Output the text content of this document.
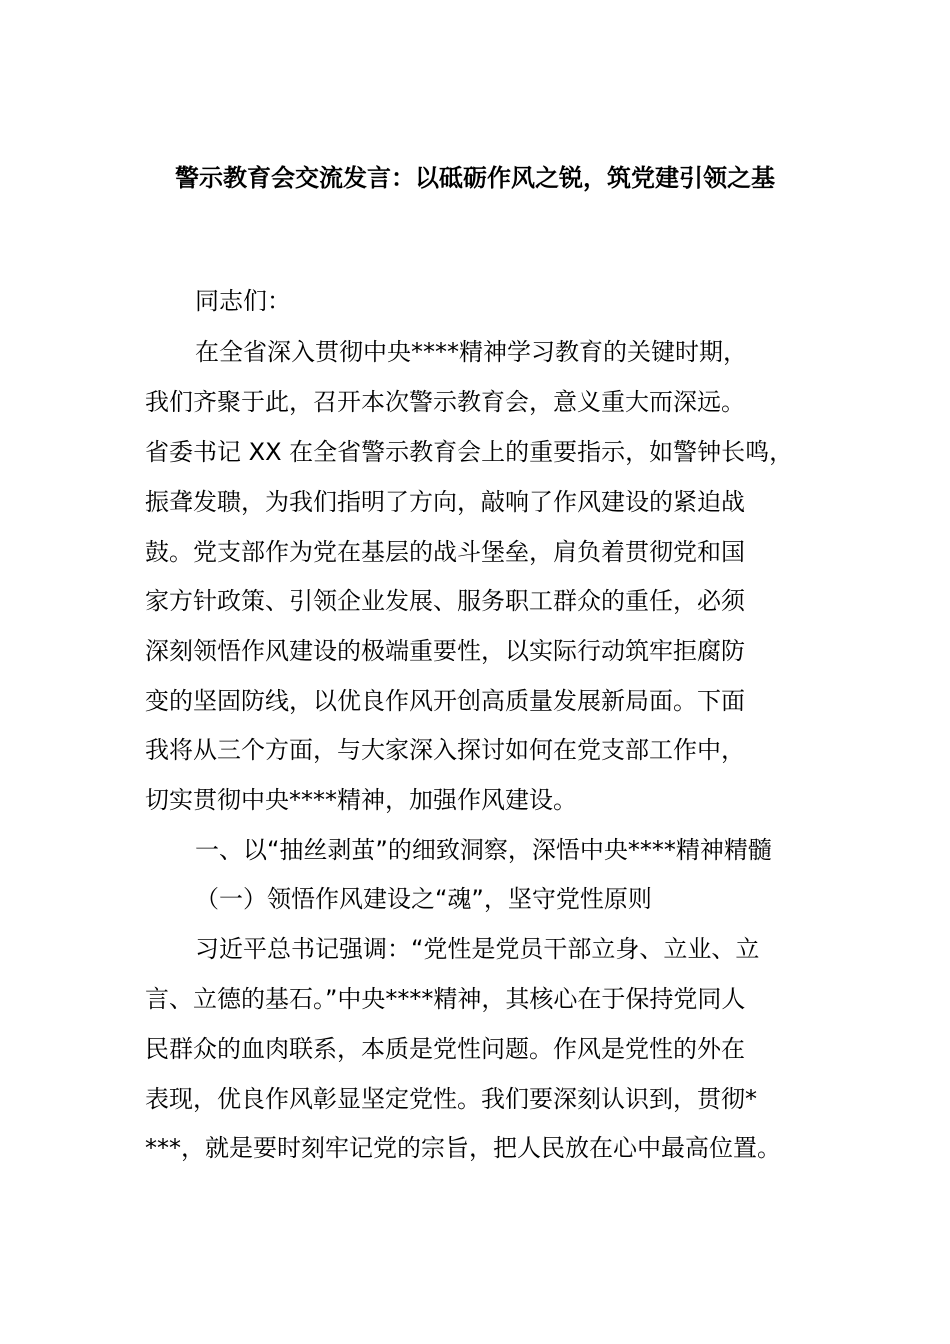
警示教育会交流发言：以砥砺作风之锐，筑党建引领之基
同志们：
在全省深入贯彻中央****精神学习教育的关键时期，
我们齐聚于此，召开本次警示教育会，意义重大而深远。
省委书记 XX 在全省警示教育会上的重要指示，如警钟长鸣，
振聋发聩，为我们指明了方向，敲响了作风建设的紧迫战
鼓。党支部作为党在基层的战斗堡垒，肩负着贯彻党和国
家方针政策、引领企业发展、服务职工群众的重任，必须
深刻领悟作风建设的极端重要性，以实际行动筑牢拒腐防
变的坚固防线，以优良作风开创高质量发展新局面。下面
我将从三个方面，与大家深入探讨如何在党支部工作中，
切实贯彻中央****精神，加强作风建设。
一、以“抽丝剥茧”的细致洞察，深悟中央****精神精髓
（一）领悟作风建设之“魂”，坚守党性原则
习近平总书记强调：“党性是党员干部立身、立业、立
言、立德的基石。”中央****精神，其核心在于保持党同人
民群众的血肉联系，本质是党性问题。作风是党性的外在
表现，优良作风彰显坚定党性。我们要深刻认识到，贯彻*
***，就是要时刻牢记党的宗旨，把人民放在心中最高位置。
